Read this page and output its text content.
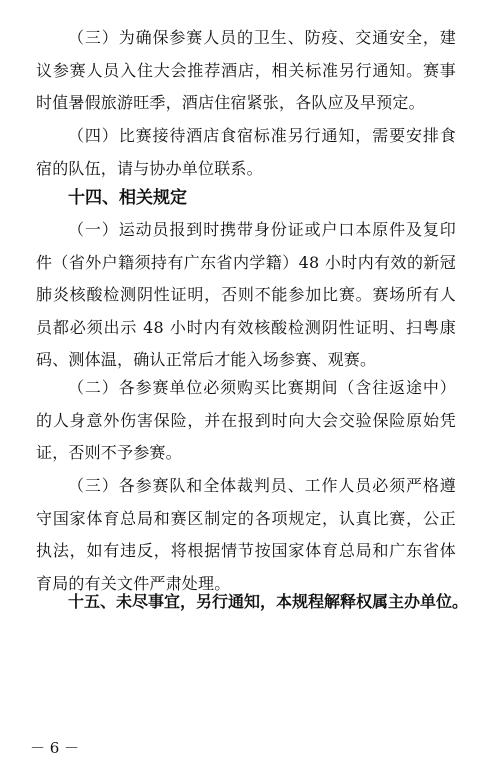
（三）为确保参赛人员的卫生、防疫、交通安全，建议参赛人员入住大会推荐酒店，相关标准另行通知。赛事时值暑假旅游旺季，酒店住宿紧张，各队应及早预定。
（四）比赛接待酒店食宿标准另行通知，需要安排食宿的队伍，请与协办单位联系。
十四、相关规定
（一）运动员报到时携带身份证或户口本原件及复印件（省外户籍须持有广东省内学籍）48 小时内有效的新冠肺炎核酸检测阴性证明，否则不能参加比赛。赛场所有人员都必须出示 48 小时内有效核酸检测阴性证明、扫粤康码、测体温，确认正常后才能入场参赛、观赛。
（二）各参赛单位必须购买比赛期间（含往返途中）的人身意外伤害保险，并在报到时向大会交验保险原始凭证，否则不予参赛。
（三）各参赛队和全体裁判员、工作人员必须严格遵守国家体育总局和赛区制定的各项规定，认真比赛，公正执法，如有违反，将根据情节按国家体育总局和广东省体育局的有关文件严肃处理。
十五、未尽事宜，另行通知，本规程解释权属主办单位。
－ 6 －
